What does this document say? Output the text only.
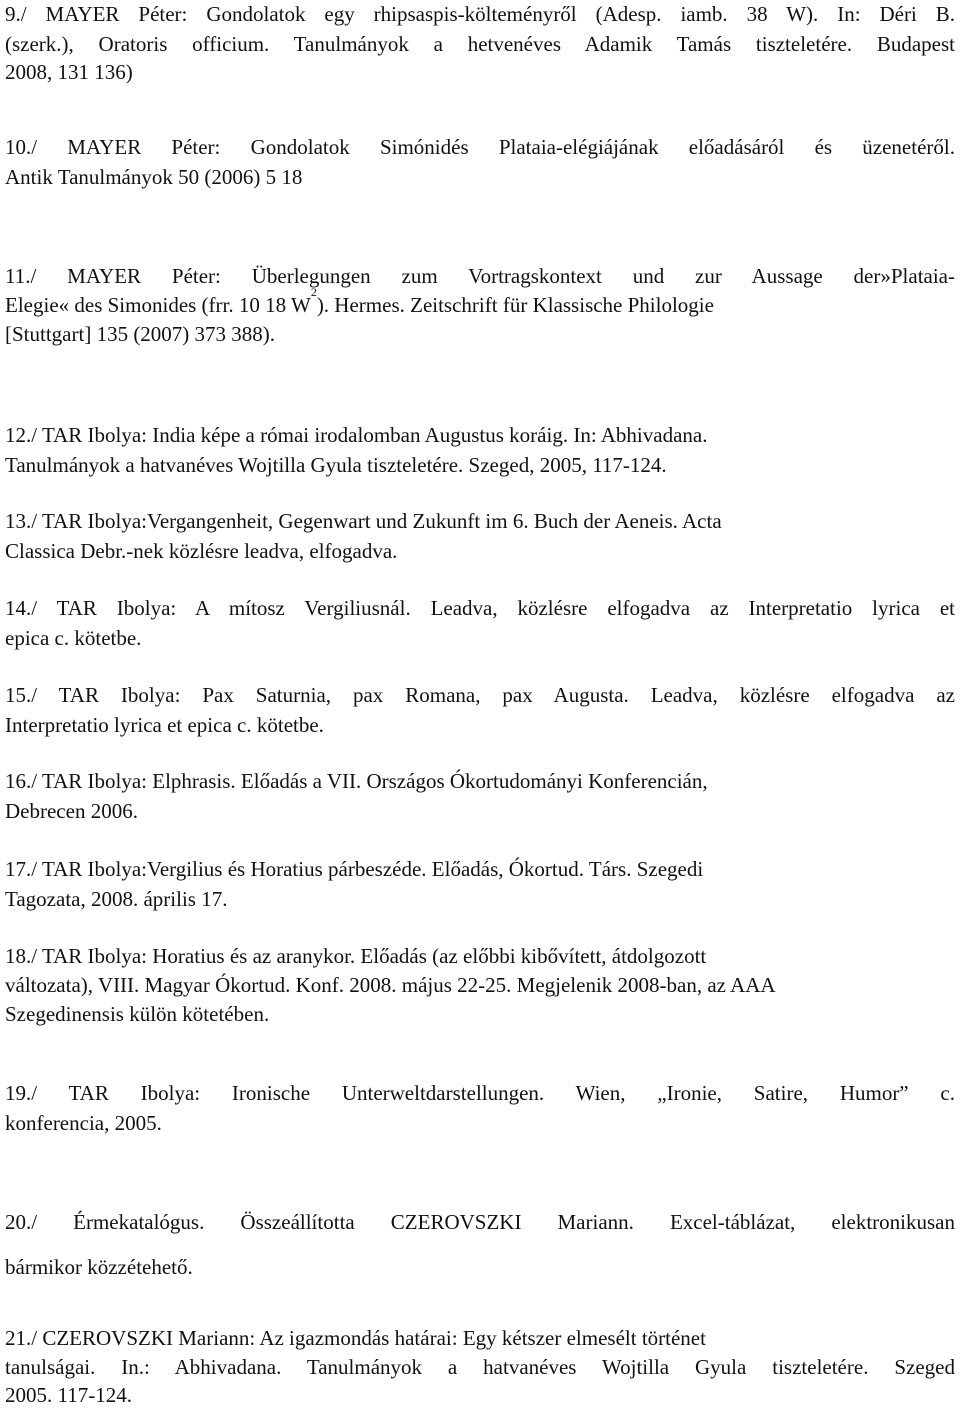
9./ MAYER Péter: Gondolatok egy rhipsaspis-költeményről (Adesp. iamb. 38 W). In: Déri B.
(szerk.), Oratoris officium. Tanulmányok a hetvenéves Adamik Tamás tiszteletére. Budapest
2008, 131 136)
10./ MAYER Péter: Gondolatok Simónidés Plataia-elégiájának előadásáról és üzenetéről.
Antik Tanulmányok 50 (2006) 5 18
11./ MAYER Péter: Überlegungen zum Vortragskontext und zur Aussage der»Plataia-
Elegie« des Simonides (frr. 10 18 $W^2$). Hermes. Zeitschrift für Klassische Philologie
[Stuttgart] 135 (2007) 373 388).
12./ TAR Ibolya: India képe a római irodalomban Augustus koráig. In: Abhivadana.
Tanulmányok a hatvanéves Wojtilla Gyula tiszteletére. Szeged, 2005, 117-124.
13./ TAR Ibolya:Vergangenheit, Gegenwart und Zukunft im 6. Buch der Aeneis. Acta
Classica Debr.-nek közlésre leadva, elfogadva.
14./ TAR Ibolya: A mítosz Vergiliusnál. Leadva, közlésre elfogadva az Interpretatio lyrica et
epica c. kötetbe.
15./ TAR Ibolya: Pax Saturnia, pax Romana, pax Augusta. Leadva, közlésre elfogadva az
Interpretatio lyrica et epica c. kötetbe.
16./ TAR Ibolya: Elphrasis. Előadás a VII. Országos Ókortudományi Konferencián,
Debrecen 2006.
17./ TAR Ibolya:Vergilius és Horatius párbeszéde. Előadás, Ókortud. Társ. Szegedi
Tagozata, 2008. április 17.
18./ TAR Ibolya: Horatius és az aranykor. Előadás (az előbbi kibővített, átdolgozott
változata), VIII. Magyar Ókortud. Konf. 2008. május 22-25. Megjelenik 2008-ban, az AAA
Szegedinensis külön kötetében.
19./ TAR Ibolya: Ironische Unterweltdarstellungen. Wien, „Ironie, Satire, Humor” c.
konferencia, 2005.
20./ Érmekatalógus. Összeállította CZEROVSZKI Mariann. Excel-táblázat, elektronikusan
bármikor közzétehető.
21./ CZEROVSZKI Mariann: Az igazmondás határai: Egy kétszer elmesélt történet
tanulságai. In.: Abhivadana. Tanulmányok a hatvanéves Wojtilla Gyula tiszteletére. Szeged
2005. 117-124.
